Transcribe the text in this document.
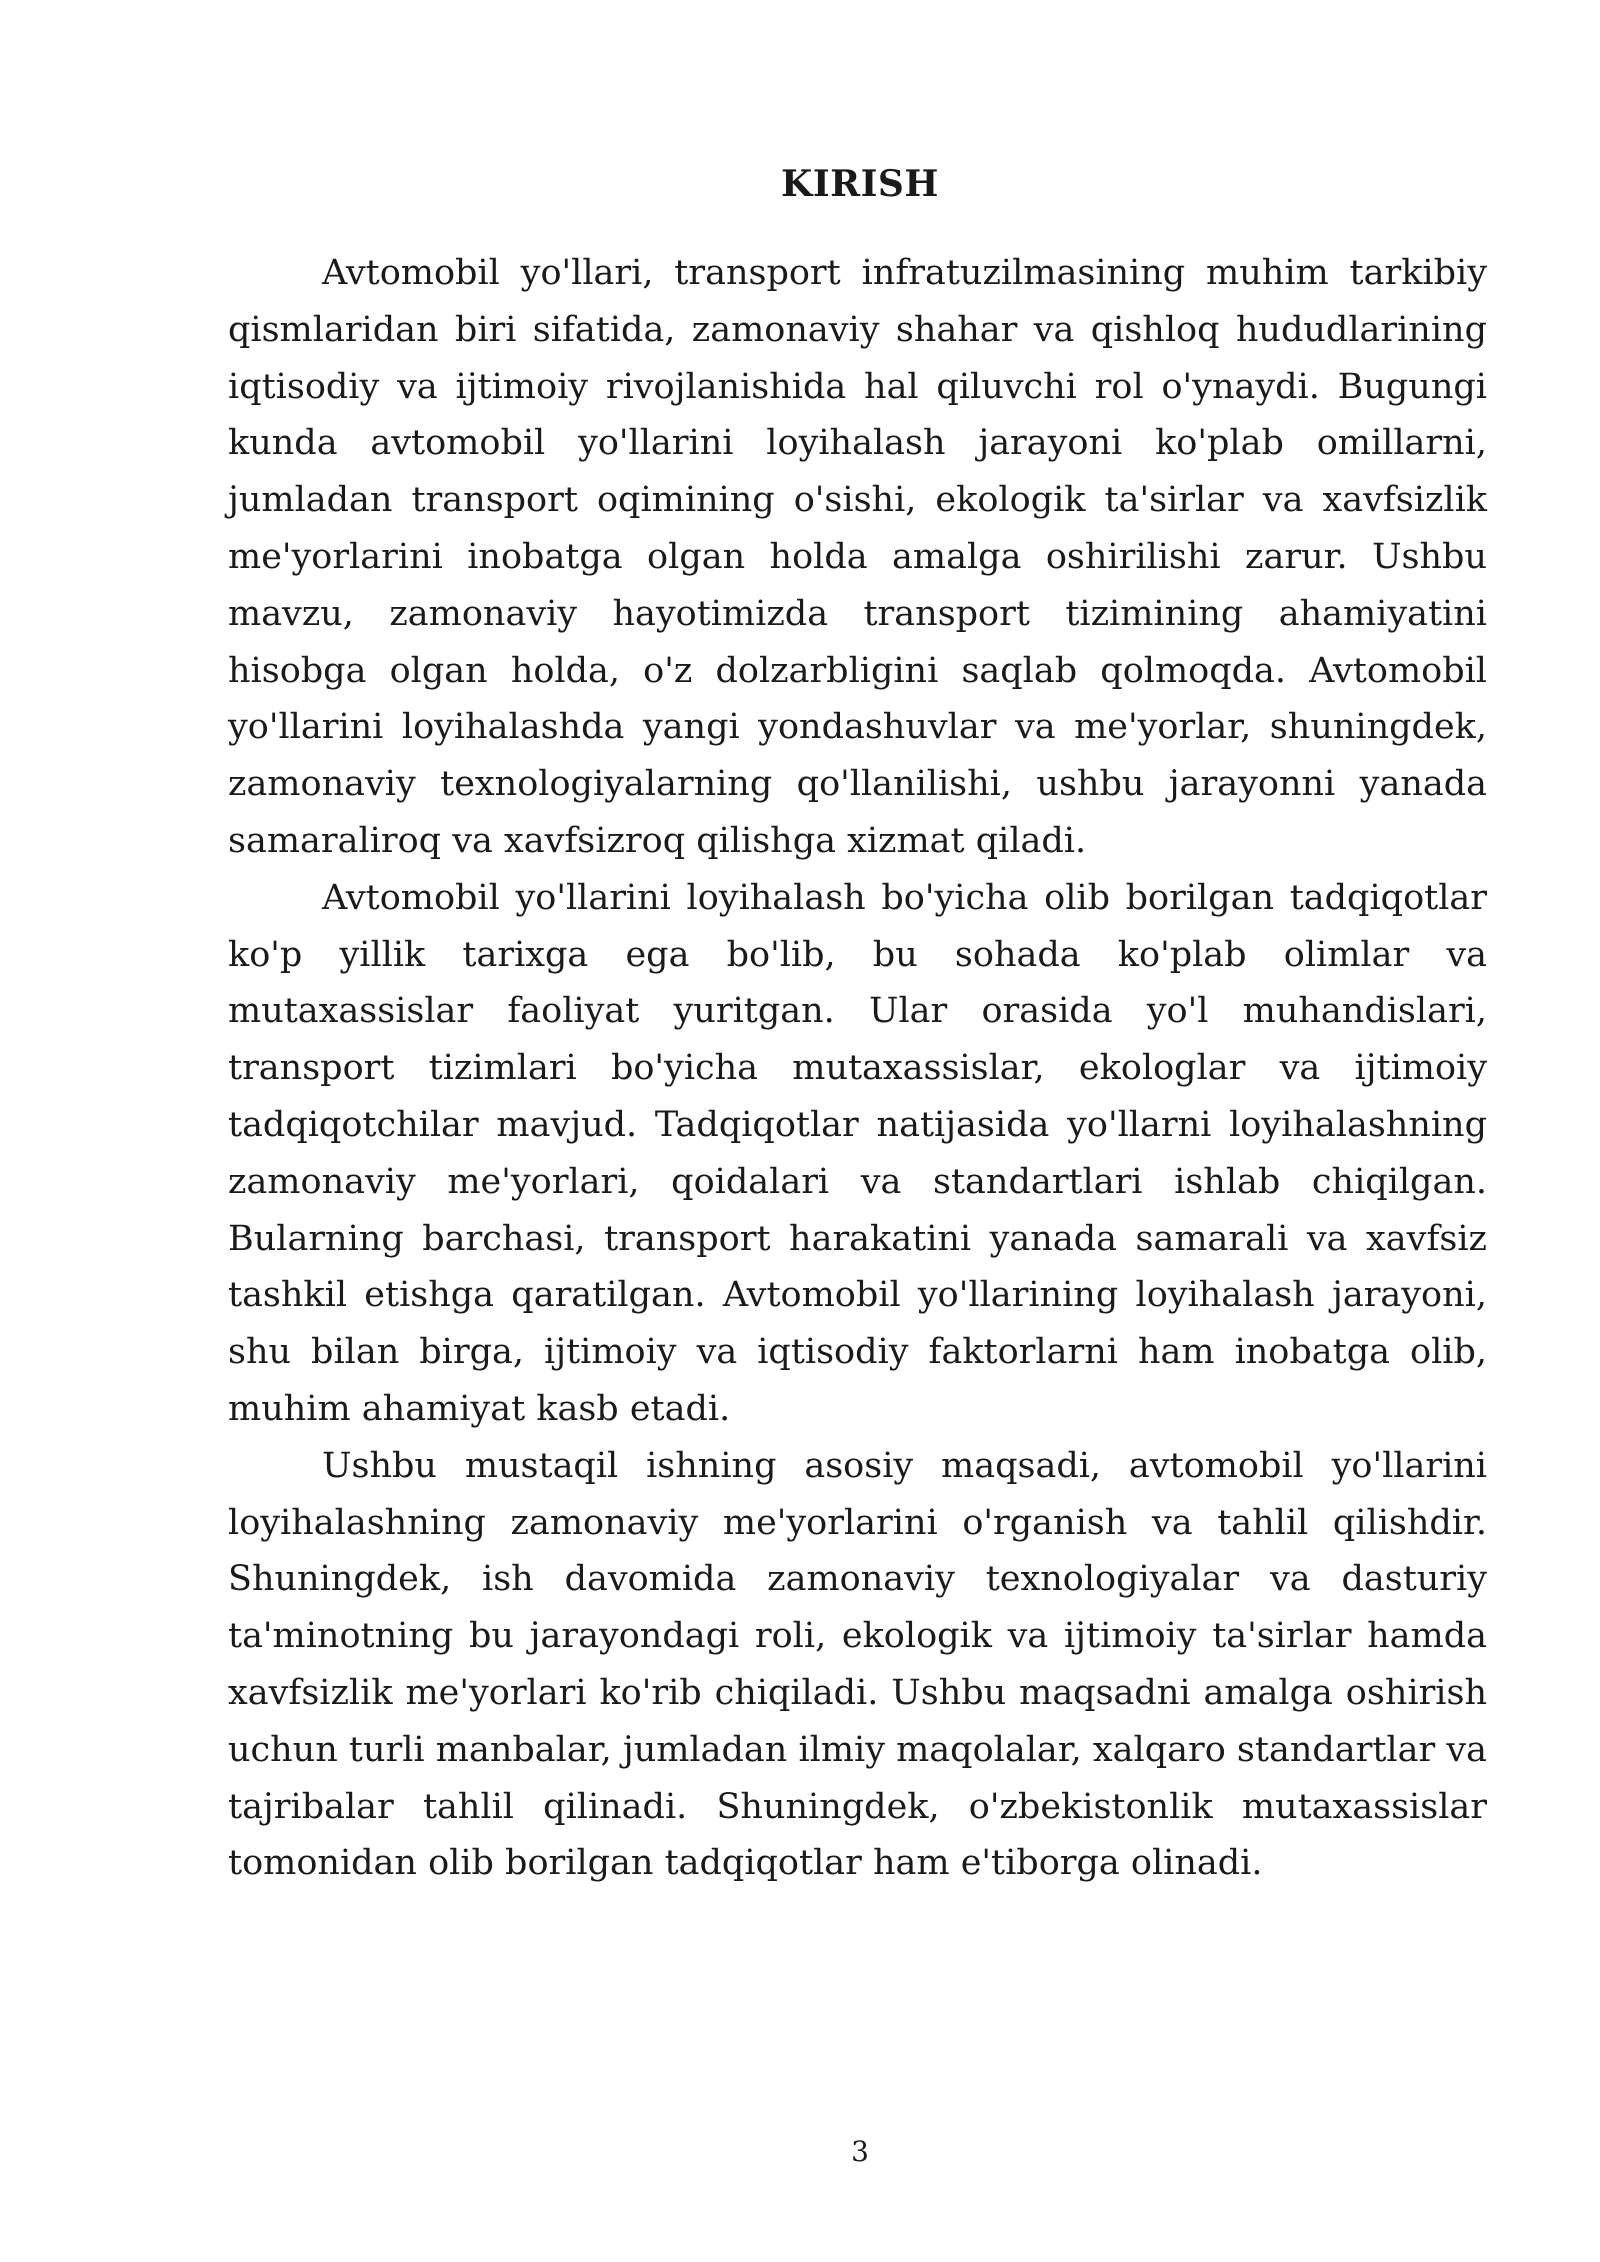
KIRISH

Avtomobil yo'llari, transport infratuzilmasining muhim tarkibiy qismlaridan biri sifatida, zamonaviy shahar va qishloq hududlarining iqtisodiy va ijtimoiy rivojlanishida hal qiluvchi rol o'ynaydi. Bugungi kunda avtomobil yo'llarini loyihalash jarayoni ko'plab omillarni, jumladan transport oqimining o'sishi, ekologik ta'sirlar va xavfsizlik me'yorlarini inobatga olgan holda amalga oshirilishi zarur. Ushbu mavzu, zamonaviy hayotimizda transport tizimining ahamiyatini hisobga olgan holda, o'z dolzarbligini saqlab qolmoqda. Avtomobil yo'llarini loyihalashda yangi yondashuvlar va me'yorlar, shuningdek, zamonaviy texnologiyalarning qo'llanilishi, ushbu jarayonni yanada samaraliroq va xavfsizroq qilishga xizmat qiladi.

Avtomobil yo'llarini loyihalash bo'yicha olib borilgan tadqiqotlar ko'p yillik tarixga ega bo'lib, bu sohada ko'plab olimlar va mutaxassislar faoliyat yuritgan. Ular orasida yo'l muhandislari, transport tizimlari bo'yicha mutaxassislar, ekologlar va ijtimoiy tadqiqotchilar mavjud. Tadqiqotlar natijasida yo'llarni loyihalashning zamonaviy me'yorlari, qoidalari va standartlari ishlab chiqilgan. Bularning barchasi, transport harakatini yanada samarali va xavfsiz tashkil etishga qaratilgan. Avtomobil yo'llarining loyihalash jarayoni, shu bilan birga, ijtimoiy va iqtisodiy faktorlarni ham inobatga olib, muhim ahamiyat kasb etadi.

Ushbu mustaqil ishning asosiy maqsadi, avtomobil yo'llarini loyihalashning zamonaviy me'yorlarini o'rganish va tahlil qilishdir. Shuningdek, ish davomida zamonaviy texnologiyalar va dasturiy ta'minotning bu jarayondagi roli, ekologik va ijtimoiy ta'sirlar hamda xavfsizlik me'yorlari ko'rib chiqiladi. Ushbu maqsadni amalga oshirish uchun turli manbalar, jumladan ilmiy maqolalar, xalqaro standartlar va tajribalar tahlil qilinadi. Shuningdek, o'zbekistonlik mutaxassislar tomonidan olib borilgan tadqiqotlar ham e'tiborga olinadi.

3
